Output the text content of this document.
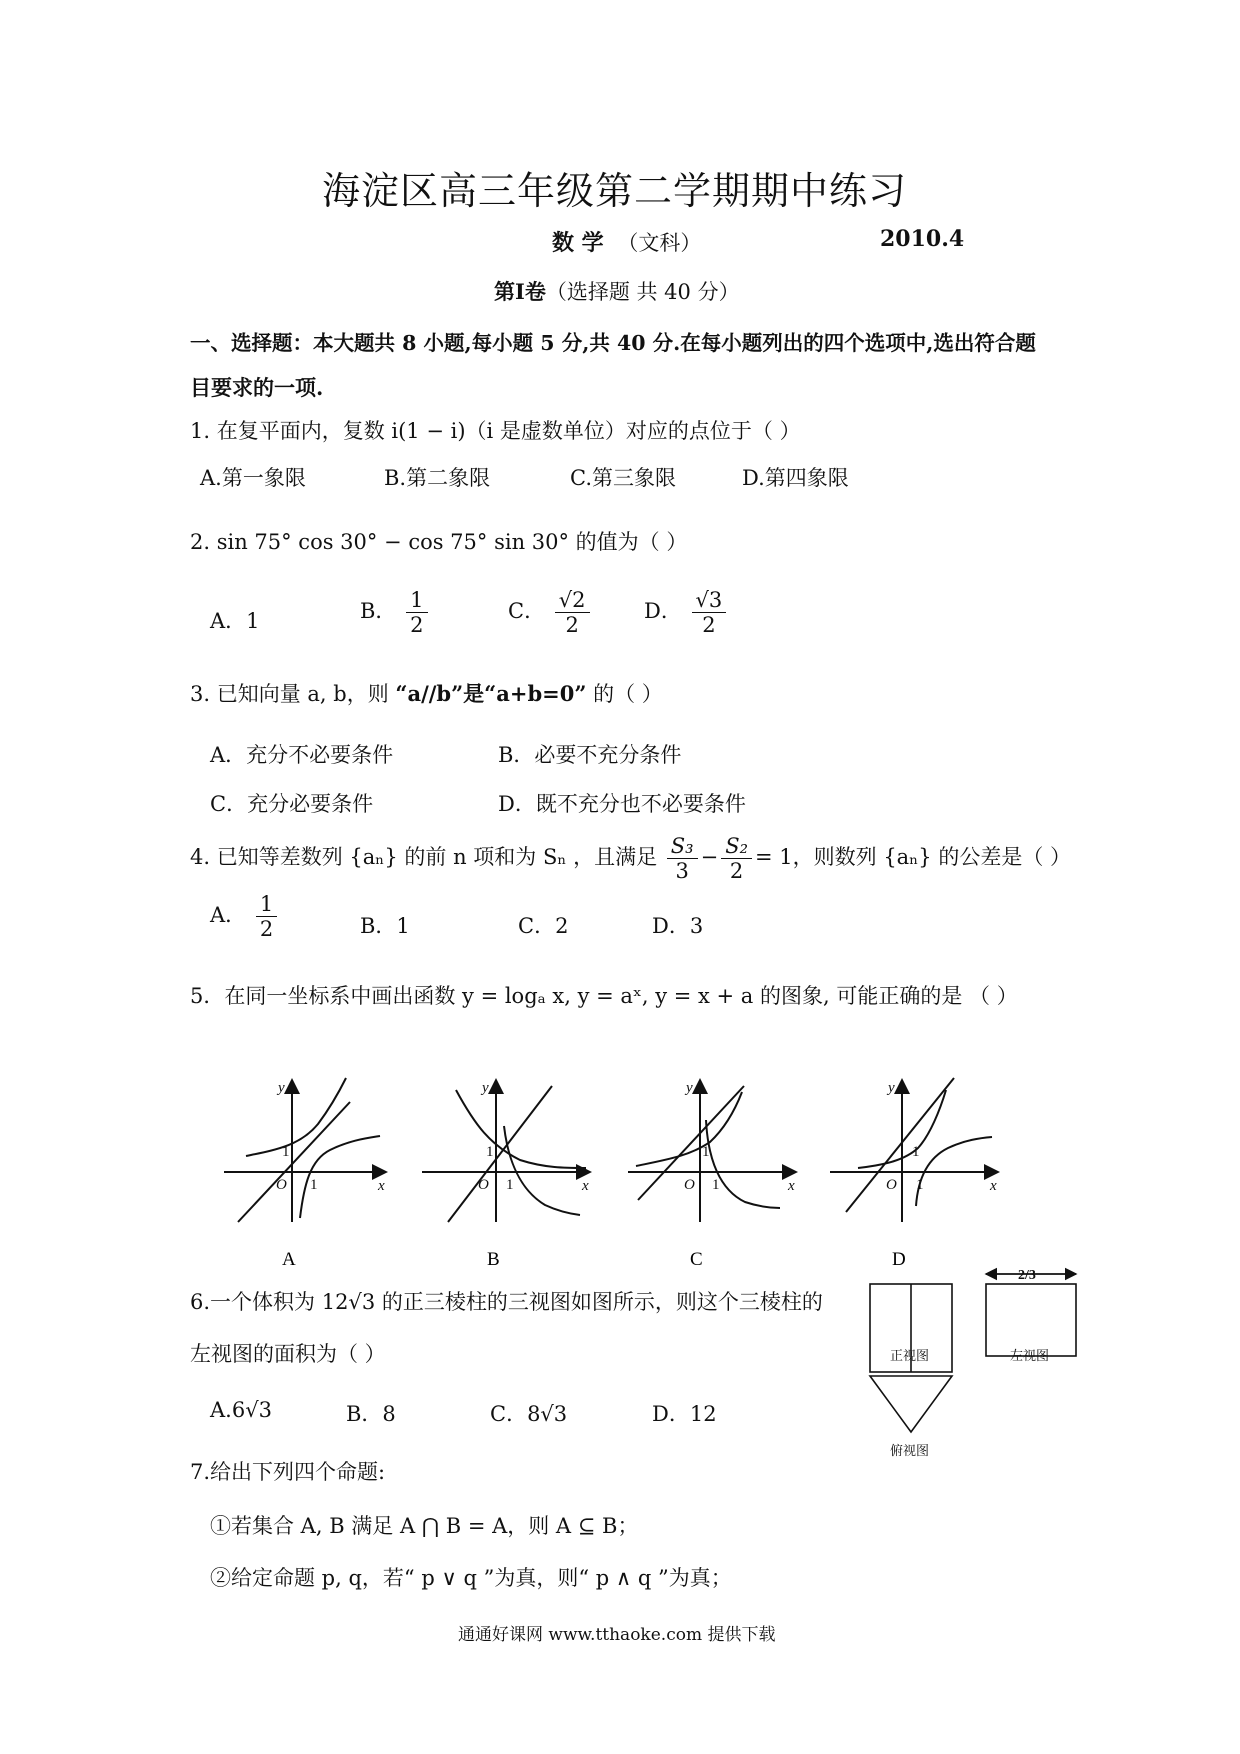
海淀区高三年级第二学期期中练习
数 学 （文科）	2010.4
第Ⅰ卷（选择题 共 40 分）
一、选择题：本大题共 8 小题,每小题 5 分,共 40 分.在每小题列出的四个选项中,选出符合题
目要求的一项.
1. 在复平面内，复数 i(1 − i)（i 是虚数单位）对应的点位于（ ）
A.第一象限	B.第二象限	C.第三象限	D.第四象限
2. sin 75° cos 30° − cos 75° sin 30° 的值为（ ）
A．1	B． $\frac{1}{2}$	C． $\frac{√2}{2}$	D． $\frac{√3}{2}$
3. 已知向量 a, b，则 “a//b”是“a+b=0” 的（ ）
A．充分不必要条件	B．必要不充分条件
C．充分必要条件	D．既不充分也不必要条件
4. 已知等差数列 {aₙ} 的前 n 项和为 Sₙ ，且满足 $\frac{\text{S₃}}{3} - \frac{\text{S₂}}{2} = 1$，则数列 {aₙ} 的公差是（ ）
A． $\frac{1}{2}$	B．1	C．2	D．3
5．在同一坐标系中画出函数 y = logₐ x, y = aˣ, y = x + a 的图象, 可能正确的是 （ ）
y
x
O 1
1
A
y
x
O 1
1
B
y
x
O 1
1
C
y
x
O 1
1
D
2/3
正视图	左视图
俯视图
6.一个体积为 12√3 的正三棱柱的三视图如图所示，则这个三棱柱的
左视图的面积为（ ）
A.6√3	B．8	C．8√3	D．12
7.给出下列四个命题:
①若集合 A, B 满足 A ⋂ B = A，则 A ⊆ B；
②给定命题 p, q，若“ p ∨ q ”为真，则“ p ∧ q ”为真；
通通好课网 www.tthaoke.com 提供下载
